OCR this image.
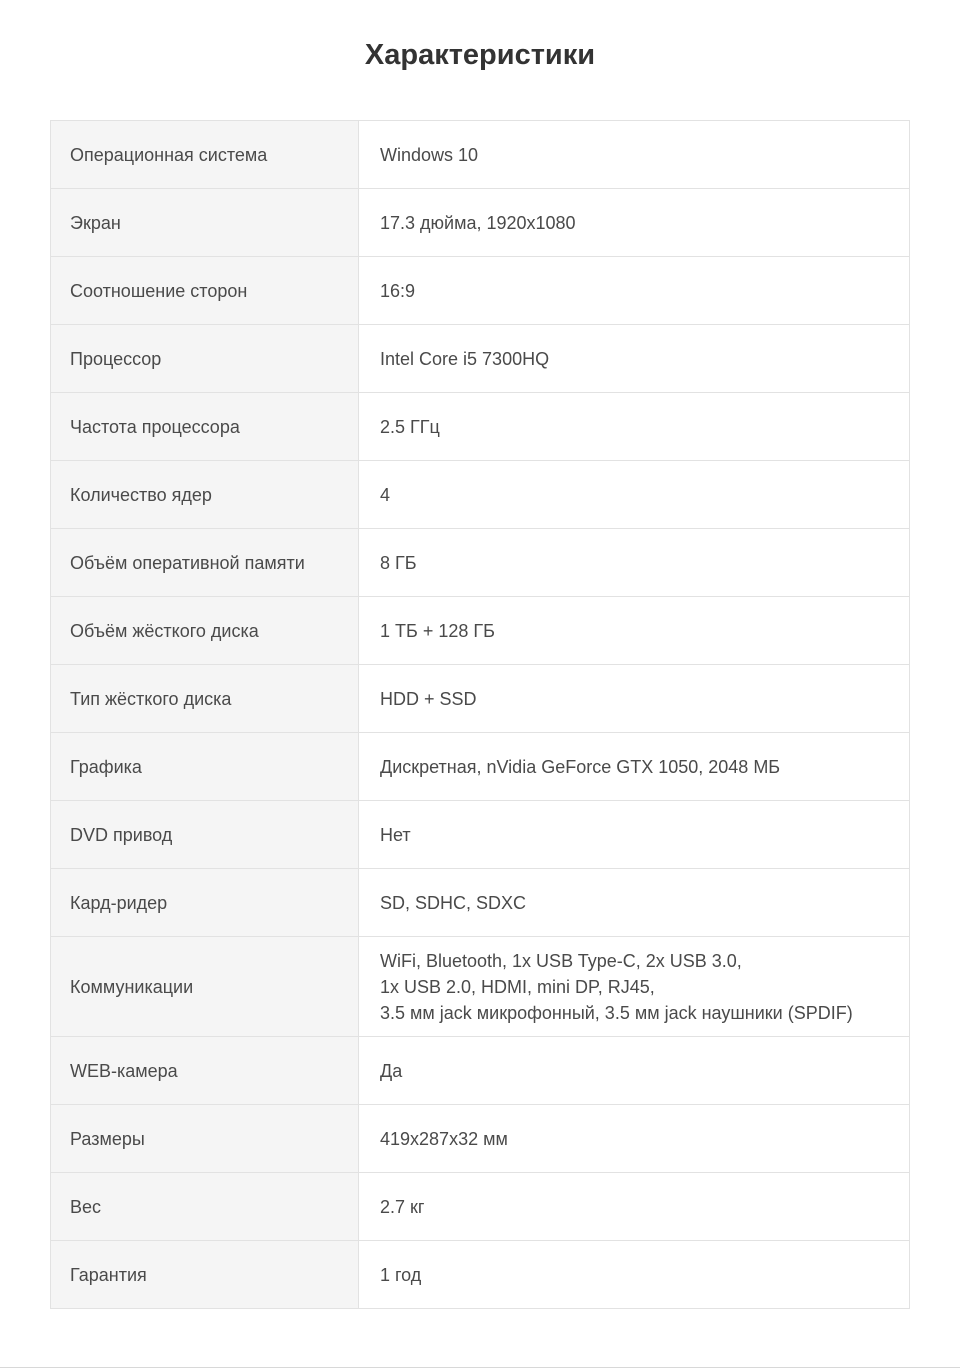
Характеристики
Операционная система	Windows 10

Экран	17.3 дюйма, 1920x1080

Соотношение сторон	16:9

Процессор	Intel Core i5 7300HQ

Частота процессора	2.5 ГГц

Количество ядер	4

Объём оперативной памяти	8 ГБ

Объём жёсткого диска	1 ТБ + 128 ГБ

Тип жёсткого диска	HDD + SSD

Графика	Дискретная, nVidia GeForce GTX 1050, 2048 МБ

DVD привод	Нет

Кард-ридер	SD, SDHC, SDXC

Коммуникации	WiFi, Bluetooth, 1x USB Type-C, 2x USB 3.0,
1x USB 2.0, HDMI, mini DP, RJ45,
3.5 мм jack микрофонный, 3.5 мм jack наушники (SPDIF)

WEB-камера	Да

Размеры	419x287x32 мм

Вес	2.7 кг

Гарантия	1 год
